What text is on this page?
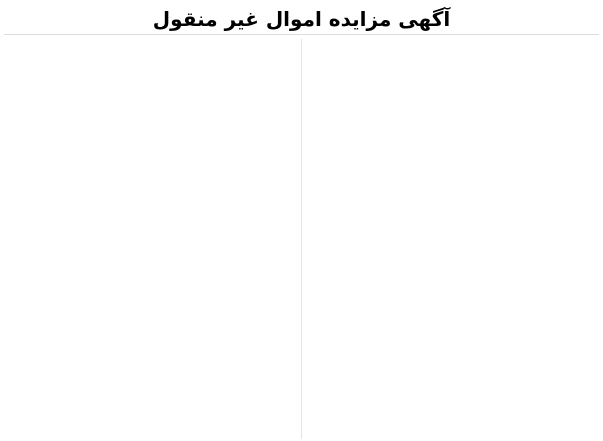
آگهی مزایده اموال غیر منقول
